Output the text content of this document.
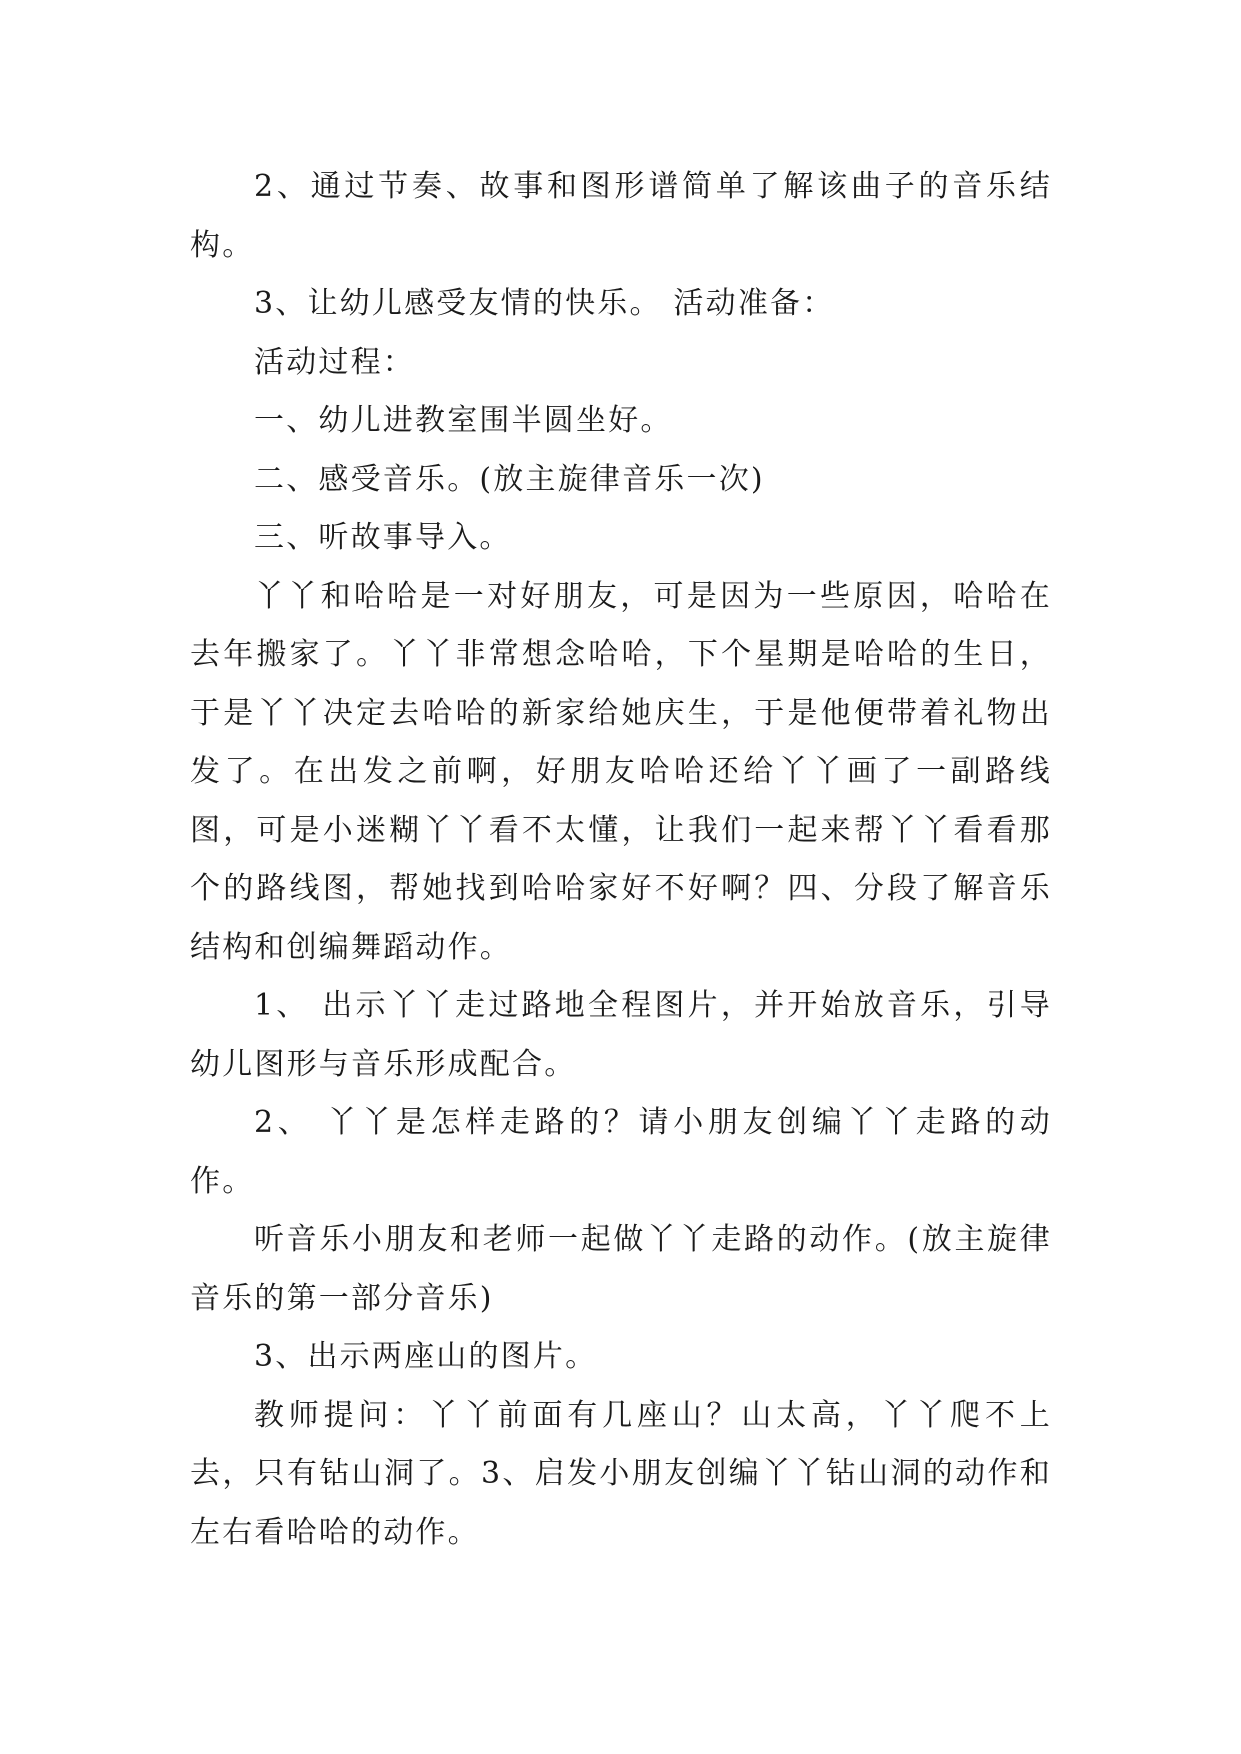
2、通过节奏、故事和图形谱简单了解该曲子的音乐结构。

3、让幼儿感受友情的快乐。 活动准备：

活动过程：

一、幼儿进教室围半圆坐好。

二、感受音乐。(放主旋律音乐一次)

三、听故事导入。

丫丫和哈哈是一对好朋友，可是因为一些原因，哈哈在去年搬家了。丫丫非常想念哈哈，下个星期是哈哈的生日，于是丫丫决定去哈哈的新家给她庆生，于是他便带着礼物出发了。在出发之前啊，好朋友哈哈还给丫丫画了一副路线图，可是小迷糊丫丫看不太懂，让我们一起来帮丫丫看看那个的路线图，帮她找到哈哈家好不好啊？四、分段了解音乐结构和创编舞蹈动作。

1、 出示丫丫走过路地全程图片，并开始放音乐，引导幼儿图形与音乐形成配合。

2、 丫丫是怎样走路的？请小朋友创编丫丫走路的动作。

听音乐小朋友和老师一起做丫丫走路的动作。(放主旋律音乐的第一部分音乐)

3、出示两座山的图片。

教师提问：丫丫前面有几座山？山太高，丫丫爬不上去，只有钻山洞了。3、启发小朋友创编丫丫钻山洞的动作和左右看哈哈的动作。
